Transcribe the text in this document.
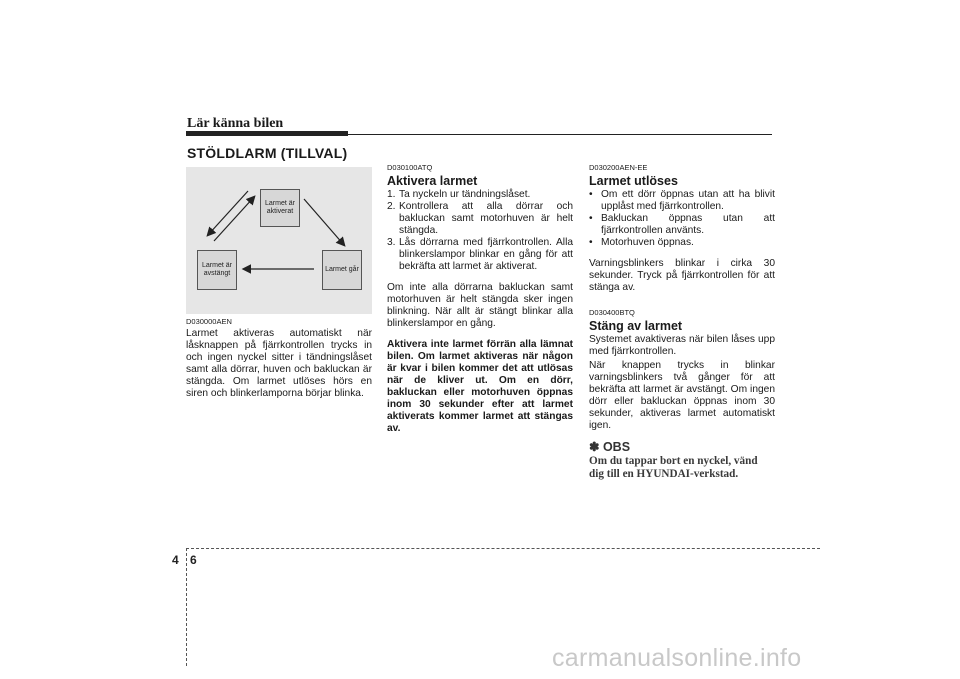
Lär känna bilen
STÖLDLARM (TILLVAL)
Larmet är aktiverat
Larmet är avstängt
Larmet går
D030000AEN
Larmet aktiveras automatiskt när låsknappen på fjärrkontrollen trycks in och ingen nyckel sitter i tändningslåset samt alla dörrar, huven och bakluckan är stängda. Om larmet utlöses hörs en siren och blinkerlamporna börjar blinka.
D030100ATQ
Aktivera larmet
1. Ta nyckeln ur tändningslåset.
2. Kontrollera att alla dörrar och bakluckan samt motorhuven är helt stängda.
3. Lås dörrarna med fjärrkontrollen. Alla blinkerslampor blinkar en gång för att bekräfta att larmet är aktiverat.
Om inte alla dörrarna bakluckan samt motorhuven är helt stängda sker ingen blinkning. När allt är stängt blinkar alla blinkerslampor en gång.
Aktivera inte larmet förrän alla lämnat bilen. Om larmet aktiveras när någon är kvar i bilen kommer det att utlösas när de kliver ut. Om en dörr, bakluckan eller motorhuven öppnas inom 30 sekunder efter att larmet aktiverats kommer larmet att stängas av.
D030200AEN-EE
Larmet utlöses
• Om ett dörr öppnas utan att ha blivit upplåst med fjärrkontrollen.
• Bakluckan öppnas utan att fjärrkontrollen använts.
• Motorhuven öppnas.
Varningsblinkers blinkar i cirka 30 sekunder. Tryck på fjärrkontrollen för att stänga av.
D030400BTQ
Stäng av larmet
Systemet avaktiveras när bilen låses upp med fjärrkontrollen.
När knappen trycks in blinkar varningsblinkers två gånger för att bekräfta att larmet är avstängt. Om ingen dörr eller bakluckan öppnas inom 30 sekunder, aktiveras larmet automatiskt igen.
✽ OBS
Om du tappar bort en nyckel, vänd dig till en HYUNDAI-verkstad.
4 6
carmanualsonline.info
